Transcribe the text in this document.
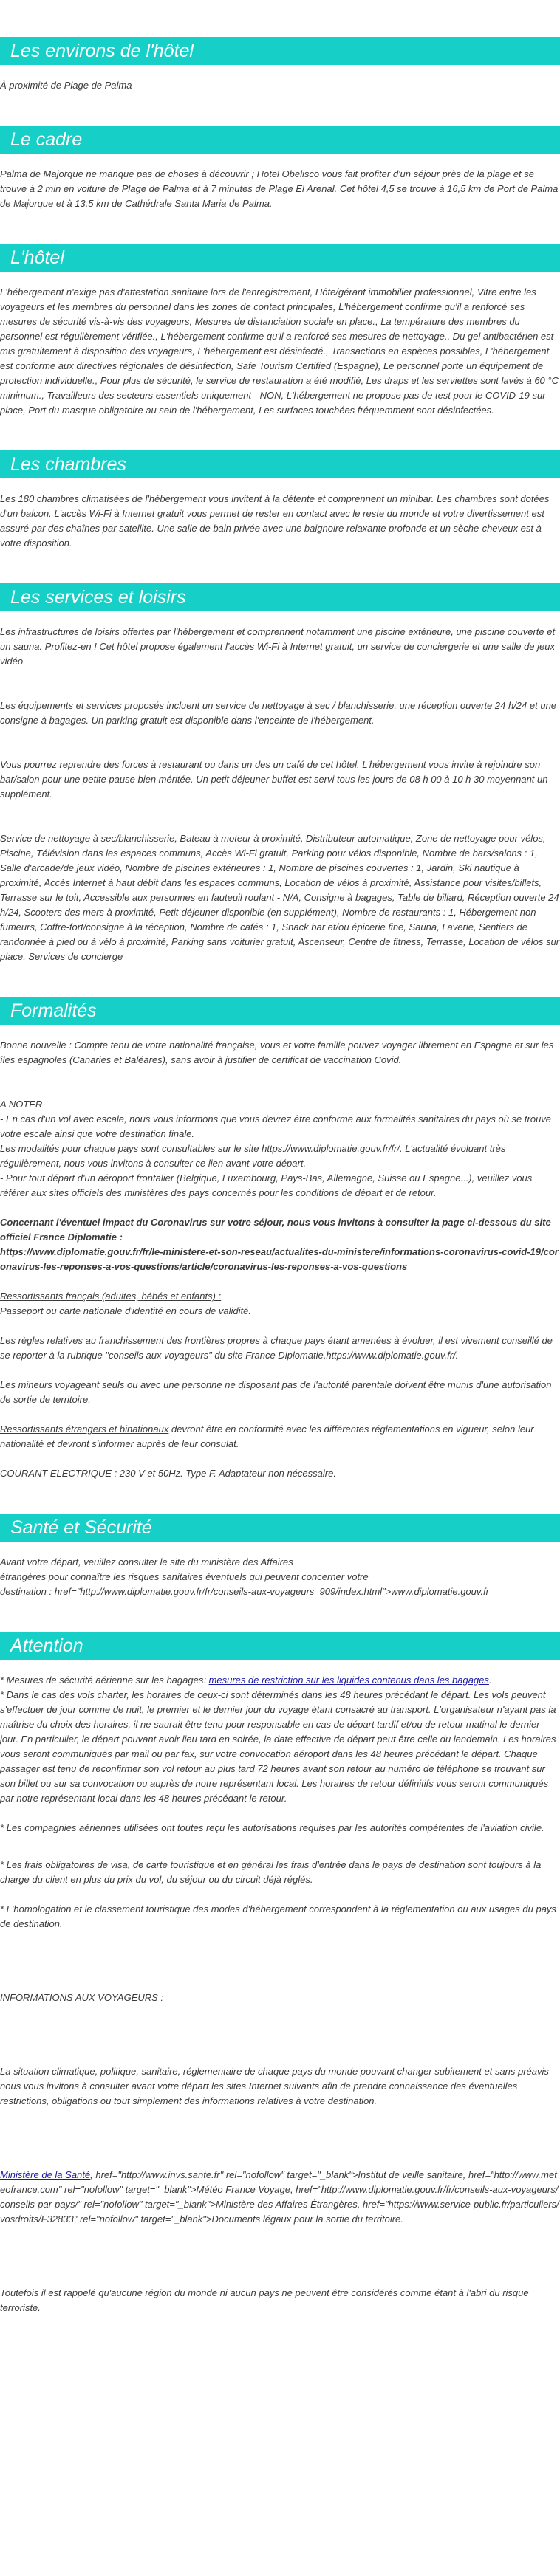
Les environs de l'hôtel

À proximité de Plage de Palma

Le cadre

Palma de Majorque ne manque pas de choses à découvrir ; Hotel Obelisco vous fait profiter d'un séjour près de la plage et se trouve à 2 min en voiture de Plage de Palma et à 7 minutes de Plage El Arenal. Cet hôtel 4,5 se trouve à 16,5 km de Port de Palma de Majorque et à 13,5 km de Cathédrale Santa Maria de Palma.

L'hôtel

L'hébergement n'exige pas d'attestation sanitaire lors de l'enregistrement, Hôte/gérant immobilier professionnel, Vitre entre les voyageurs et les membres du personnel dans les zones de contact principales, L'hébergement confirme qu'il a renforcé ses mesures de sécurité vis-à-vis des voyageurs, Mesures de distanciation sociale en place., La température des membres du personnel est régulièrement vérifiée., L'hébergement confirme qu'il a renforcé ses mesures de nettoyage., Du gel antibactérien est mis gratuitement à disposition des voyageurs, L'hébergement est désinfecté., Transactions en espèces possibles, L'hébergement est conforme aux directives régionales de désinfection, Safe Tourism Certified (Espagne), Le personnel porte un équipement de protection individuelle., Pour plus de sécurité, le service de restauration a été modifié, Les draps et les serviettes sont lavés à 60 °C minimum., Travailleurs des secteurs essentiels uniquement - NON, L'hébergement ne propose pas de test pour le COVID-19 sur place, Port du masque obligatoire au sein de l'hébergement, Les surfaces touchées fréquemment sont désinfectées.

Les chambres

Les 180 chambres climatisées de l'hébergement vous invitent à la détente et comprennent un minibar. Les chambres sont dotées d'un balcon. L'accès Wi-Fi à Internet gratuit vous permet de rester en contact avec le reste du monde et votre divertissement est assuré par des chaînes par satellite. Une salle de bain privée avec une baignoire relaxante profonde et un sèche-cheveux est à votre disposition.

Les services et loisirs

Les infrastructures de loisirs offertes par l'hébergement et comprennent notamment une piscine extérieure, une piscine couverte et un sauna. Profitez-en ! Cet hôtel propose également l'accès Wi-Fi à Internet gratuit, un service de conciergerie et une salle de jeux vidéo.

Les équipements et services proposés incluent un service de nettoyage à sec / blanchisserie, une réception ouverte 24 h/24 et une consigne à bagages. Un parking gratuit est disponible dans l'enceinte de l'hébergement.

Vous pourrez reprendre des forces à restaurant ou dans un des un café de cet hôtel. L'hébergement vous invite à rejoindre son bar/salon pour une petite pause bien méritée. Un petit déjeuner buffet est servi tous les jours de 08 h 00 à 10 h 30 moyennant un supplément.

Service de nettoyage à sec/blanchisserie, Bateau à moteur à proximité, Distributeur automatique, Zone de nettoyage pour vélos, Piscine, Télévision dans les espaces communs, Accès Wi-Fi gratuit, Parking pour vélos disponible, Nombre de bars/salons : 1, Salle d'arcade/de jeux vidéo, Nombre de piscines extérieures : 1, Nombre de piscines couvertes : 1, Jardin, Ski nautique à proximité, Accès Internet à haut débit dans les espaces communs, Location de vélos à proximité, Assistance pour visites/billets, Terrasse sur le toit, Accessible aux personnes en fauteuil roulant - N/A, Consigne à bagages, Table de billard, Réception ouverte 24 h/24, Scooters des mers à proximité, Petit-déjeuner disponible (en supplément), Nombre de restaurants : 1, Hébergement non-fumeurs, Coffre-fort/consigne à la réception, Nombre de cafés : 1, Snack bar et/ou épicerie fine, Sauna, Laverie, Sentiers de randonnée à pied ou à vélo à proximité, Parking sans voiturier gratuit, Ascenseur, Centre de fitness, Terrasse, Location de vélos sur place, Services de concierge

Formalités

Bonne nouvelle : Compte tenu de votre nationalité française, vous et votre famille pouvez voyager librement en Espagne et sur les îles espagnoles (Canaries et Baléares), sans avoir à justifier de certificat de vaccination Covid.

A NOTER
- En cas d'un vol avec escale, nous vous informons que vous devrez être conforme aux formalités sanitaires du pays où se trouve votre escale ainsi que votre destination finale.
Les modalités pour chaque pays sont consultables sur le site https://www.diplomatie.gouv.fr/fr/. L'actualité évoluant très régulièrement, nous vous invitons à consulter ce lien avant votre départ.
- Pour tout départ d'un aéroport frontalier (Belgique, Luxembourg, Pays-Bas, Allemagne, Suisse ou Espagne...), veuillez vous référer aux sites officiels des ministères des pays concernés pour les conditions de départ et de retour.
Concernant l'éventuel impact du Coronavirus sur votre séjour, nous vous invitons à consulter la page ci-dessous du site officiel France Diplomatie :
https://www.diplomatie.gouv.fr/fr/le-ministere-et-son-reseau/actualites-du-ministere/informations-coronavirus-covid-19/coronavirus-les-reponses-a-vos-questions/article/coronavirus-les-reponses-a-vos-questions
Ressortissants français (adultes, bébés et enfants) :
Passeport ou carte nationale d'identité en cours de validité.

Les règles relatives au franchissement des frontières propres à chaque pays étant amenées à évoluer, il est vivement conseillé de se reporter à la rubrique "conseils aux voyageurs" du site France Diplomatie,https://www.diplomatie.gouv.fr/.

Les mineurs voyageant seuls ou avec une personne ne disposant pas de l'autorité parentale doivent être munis d'une autorisation de sortie de territoire.

Ressortissants étrangers et binationaux devront être en conformité avec les différentes réglementations en vigueur, selon leur nationalité et devront s'informer auprès de leur consulat.

COURANT ELECTRIQUE : 230 V et 50Hz. Type F. Adaptateur non nécessaire.

Santé et Sécurité
Avant votre départ, veuillez consulter le site du ministère des Affaires
étrangères pour connaître les risques sanitaires éventuels qui peuvent concerner votre
destination : href="http://www.diplomatie.gouv.fr/fr/conseils-aux-voyageurs_909/index.html">www.diplomatie.gouv.fr
Attention
* Mesures de sécurité aérienne sur les bagages: mesures de restriction sur les liquides contenus dans les bagages.

* Dans le cas des vols charter, les horaires de ceux-ci sont déterminés dans les 48 heures précédant le départ. Les vols peuvent s'effectuer de jour comme de nuit, le premier et le dernier jour du voyage étant consacré au transport. L'organisateur n'ayant pas la maîtrise du choix des horaires, il ne saurait être tenu pour responsable en cas de départ tardif et/ou de retour matinal le dernier jour. En particulier, le départ pouvant avoir lieu tard en soirée, la date effective de départ peut être celle du lendemain. Les horaires vous seront communiqués par mail ou par fax, sur votre convocation aéroport dans les 48 heures précédant le départ. Chaque passager est tenu de reconfirmer son vol retour au plus tard 72 heures avant son retour au numéro de téléphone se trouvant sur son billet ou sur sa convocation ou auprès de notre représentant local. Les horaires de retour définitifs vous seront communiqués par notre représentant local dans les 48 heures précédant le retour.

* Les compagnies aériennes utilisées ont toutes reçu les autorisations requises par les autorités compétentes de l'aviation civile.

* Les frais obligatoires de visa, de carte touristique et en général les frais d'entrée dans le pays de destination sont toujours à la charge du client en plus du prix du vol, du séjour ou du circuit déjà réglés.

* L'homologation et le classement touristique des modes d'hébergement correspondent à la réglementation ou aux usages du pays de destination.

INFORMATIONS AUX VOYAGEURS :

La situation climatique, politique, sanitaire, réglementaire de chaque pays du monde pouvant changer subitement et sans préavis

nous vous invitons à consulter avant votre départ les sites Internet suivants afin de prendre connaissance des éventuelles restrictions, obligations ou tout simplement des informations relatives à votre destination.

Ministère de la Santé, href="http://www.invs.sante.fr" rel="nofollow" target="_blank">Institut de veille sanitaire, href="http://www.meteofrance.com" rel="nofollow" target="_blank">Météo France Voyage, href="http://www.diplomatie.gouv.fr/fr/conseils-aux-voyageurs/conseils-par-pays/" rel="nofollow" target="_blank">Ministère des Affaires Étrangères, href="https://www.service-public.fr/particuliers/vosdroits/F32833" rel="nofollow" target="_blank">Documents légaux pour la sortie du territoire.

Toutefois il est rappelé qu'aucune région du monde ni aucun pays ne peuvent être considérés comme étant à l'abri du risque terroriste.
